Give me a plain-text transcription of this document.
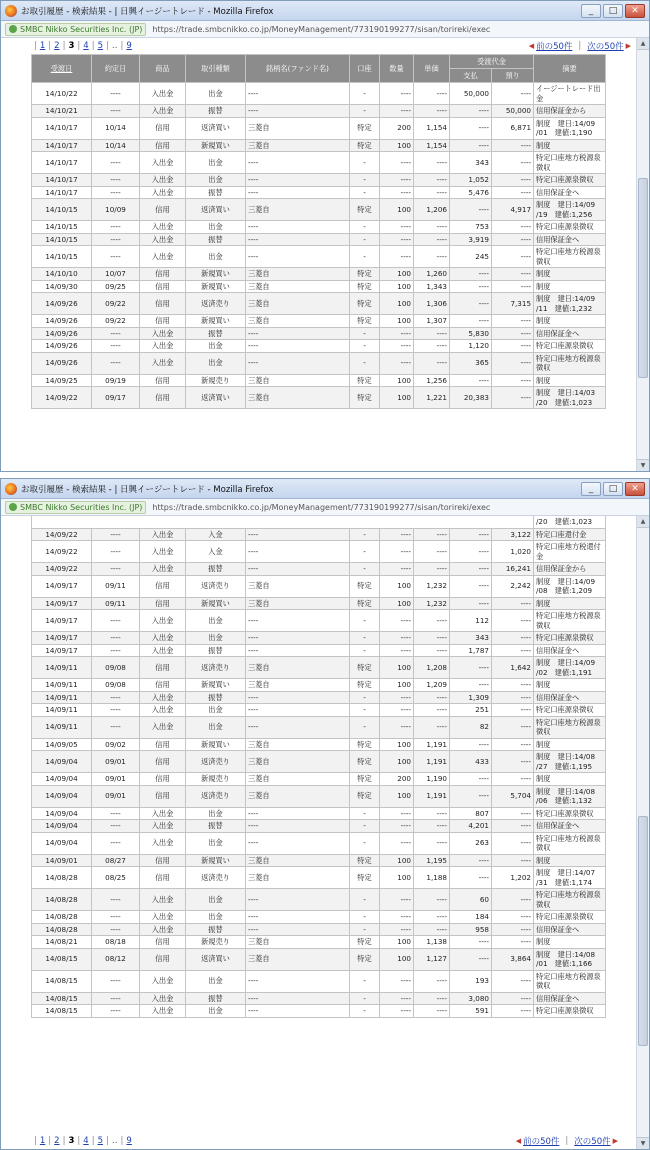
お取引履歴 - 検索結果 - | 日興イージートレード - Mozilla Firefox	_	□	✕
SMBC Nikko Securities Inc. (JP) https://trade.smbcnikko.co.jp/MoneyManagement/773190199277/sisan/torireki/exec
| 1 | 2 | 3 | 4 | 5 | ‥ | 9	◀ 前の50件 | 次の50件 ▶
受渡日	約定日	商品	取引種類	銘柄名(ファンド名)	口座	数量	単価	受渡代金		摘要
								支払	預り	
14/10/22	----	入出金	出金	----	-	----	----	50,000	----	イージートレード出金
14/10/21	----	入出金	振替	----	-	----	----	----	50,000	信用保証金から
14/10/17	10/14	信用	返済買い	三菱自	特定	200	1,154	----	6,871	制度　建日:14/09 /01　建値:1,190
14/10/17	10/14	信用	新規買い	三菱自	特定	100	1,154	----	----	制度
14/10/17	----	入出金	出金	----	-	----	----	343	----	特定口座地方税源泉徴収
14/10/17	----	入出金	出金	----	-	----	----	1,052	----	特定口座源泉徴収
14/10/17	----	入出金	振替	----	-	----	----	5,476	----	信用保証金へ
14/10/15	10/09	信用	返済買い	三菱自	特定	100	1,206	----	4,917	制度　建日:14/09 /19　建値:1,256
14/10/15	----	入出金	出金	----	-	----	----	753	----	特定口座源泉徴収
14/10/15	----	入出金	振替	----	-	----	----	3,919	----	信用保証金へ
14/10/15	----	入出金	出金	----	-	----	----	245	----	特定口座地方税源泉徴収
14/10/10	10/07	信用	新規買い	三菱自	特定	100	1,260	----	----	制度
14/09/30	09/25	信用	新規買い	三菱自	特定	100	1,343	----	----	制度
14/09/26	09/22	信用	返済売り	三菱自	特定	100	1,306	----	7,315	制度　建日:14/09 /11　建値:1,232
14/09/26	09/22	信用	新規買い	三菱自	特定	100	1,307	----	----	制度
14/09/26	----	入出金	振替	----	-	----	----	5,830	----	信用保証金へ
14/09/26	----	入出金	出金	----	-	----	----	1,120	----	特定口座源泉徴収
14/09/26	----	入出金	出金	----	-	----	----	365	----	特定口座地方税源泉徴収
14/09/25	09/19	信用	新規売り	三菱自	特定	100	1,256	----	----	制度
14/09/22	09/17	信用	返済買い	三菱自	特定	100	1,221	20,383	----	制度　建日:14/03 /20　建値:1,023
▲
▼
お取引履歴 - 検索結果 - | 日興イージートレード - Mozilla Firefox	_	□	✕
SMBC Nikko Securities Inc. (JP) https://trade.smbcnikko.co.jp/MoneyManagement/773190199277/sisan/torireki/exec
										/20　建値:1,023
14/09/22	----	入出金	入金	----	-	----	----	----	3,122	特定口座還付金
14/09/22	----	入出金	入金	----	-	----	----	----	1,020	特定口座地方税還付金
14/09/22	----	入出金	振替	----	-	----	----	----	16,241	信用保証金から
14/09/17	09/11	信用	返済売り	三菱自	特定	100	1,232	----	2,242	制度　建日:14/09 /08　建値:1,209
14/09/17	09/11	信用	新規買い	三菱自	特定	100	1,232	----	----	制度
14/09/17	----	入出金	出金	----	-	----	----	112	----	特定口座地方税源泉徴収
14/09/17	----	入出金	出金	----	-	----	----	343	----	特定口座源泉徴収
14/09/17	----	入出金	振替	----	-	----	----	1,787	----	信用保証金へ
14/09/11	09/08	信用	返済売り	三菱自	特定	100	1,208	----	1,642	制度　建日:14/09 /02　建値:1,191
14/09/11	09/08	信用	新規買い	三菱自	特定	100	1,209	----	----	制度
14/09/11	----	入出金	振替	----	-	----	----	1,309	----	信用保証金へ
14/09/11	----	入出金	出金	----	-	----	----	251	----	特定口座源泉徴収
14/09/11	----	入出金	出金	----	-	----	----	82	----	特定口座地方税源泉徴収
14/09/05	09/02	信用	新規買い	三菱自	特定	100	1,191	----	----	制度
14/09/04	09/01	信用	返済売り	三菱自	特定	100	1,191	433	----	制度　建日:14/08 /27　建値:1,195
14/09/04	09/01	信用	新規売り	三菱自	特定	200	1,190	----	----	制度
14/09/04	09/01	信用	返済売り	三菱自	特定	100	1,191	----	5,704	制度　建日:14/08 /06　建値:1,132
14/09/04	----	入出金	出金	----	-	----	----	807	----	特定口座源泉徴収
14/09/04	----	入出金	振替	----	-	----	----	4,201	----	信用保証金へ
14/09/04	----	入出金	出金	----	-	----	----	263	----	特定口座地方税源泉徴収
14/09/01	08/27	信用	新規買い	三菱自	特定	100	1,195	----	----	制度
14/08/28	08/25	信用	返済売り	三菱自	特定	100	1,188	----	1,202	制度　建日:14/07 /31　建値:1,174
14/08/28	----	入出金	出金	----	-	----	----	60	----	特定口座地方税源泉徴収
14/08/28	----	入出金	出金	----	-	----	----	184	----	特定口座源泉徴収
14/08/28	----	入出金	振替	----	-	----	----	958	----	信用保証金へ
14/08/21	08/18	信用	新規売り	三菱自	特定	100	1,138	----	----	制度
14/08/15	08/12	信用	返済買い	三菱自	特定	100	1,127	----	3,864	制度　建日:14/08 /01　建値:1,166
14/08/15	----	入出金	出金	----	-	----	----	193	----	特定口座地方税源泉徴収
14/08/15	----	入出金	振替	----	-	----	----	3,080	----	信用保証金へ
14/08/15	----	入出金	出金	----	-	----	----	591	----	特定口座源泉徴収
| 1 | 2 | 3 | 4 | 5 | ‥ | 9	◀ 前の50件 | 次の50件 ▶
▲
▼
